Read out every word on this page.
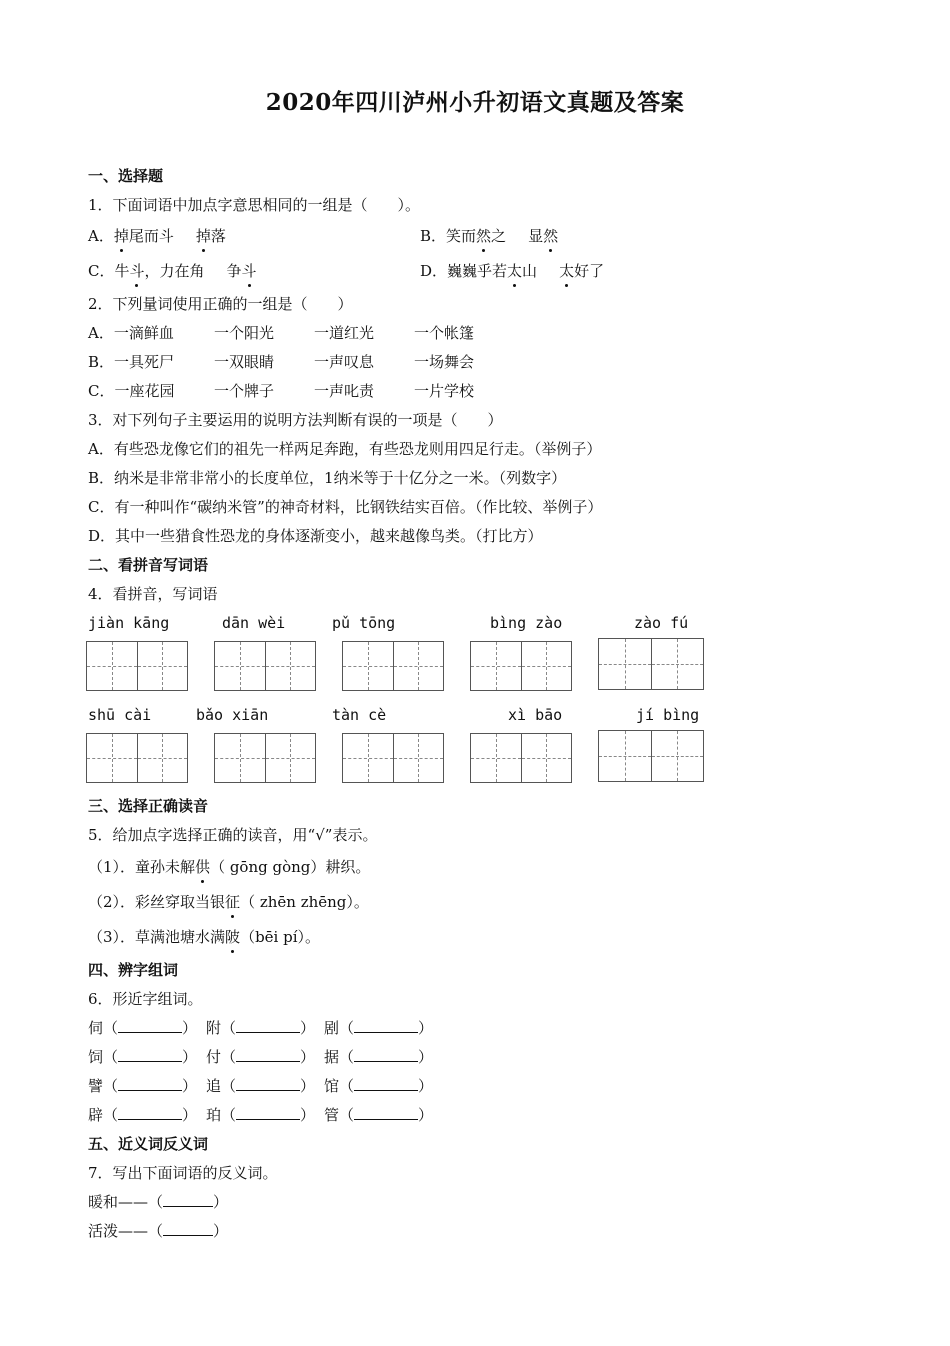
2020年四川泸州小升初语文真题及答案
一、选择题
1．下面词语中加点字意思相同的一组是（　　）。
A．掉尾而斗 掉落	B．笑而然之 显然
C．牛斗，力在角 争斗	D．巍巍乎若太山 太好了
2．下列量词使用正确的一组是（　　）
A．一滴鲜血	一个阳光	一道红光	一个帐篷
B．一具死尸	一双眼睛	一声叹息	一场舞会
C．一座花园	一个牌子	一声叱责	一片学校
3．对下列句子主要运用的说明方法判断有误的一项是（　　）
A．有些恐龙像它们的祖先一样两足奔跑，有些恐龙则用四足行走。（举例子）
B．纳米是非常非常小的长度单位，1纳米等于十亿分之一米。（列数字）
C．有一种叫作“碳纳米管”的神奇材料，比钢铁结实百倍。（作比较、举例子）
D．其中一些猎食性恐龙的身体逐渐变小，越来越像鸟类。（打比方）
二、看拼音写词语
4．看拼音，写词语
jiàn kāng	dān wèi	pǔ tōng	bìng zào	zào fú
shū cài	bǎo xiān	tàn cè	xì bāo	jí bìng
三、选择正确读音
5．给加点字选择正确的读音，用“√”表示。
（1）．童孙未解供（ gōng gòng）耕织。
（2）．彩丝穿取当银征（ zhēn zhēng）。
（3）．草满池塘水满陂（bēi pí）。
四、辨字组词
6．形近字组词。
伺（	） 附（	） 剧（	）
饲（	） 付（	） 据（	）
譬（	） 追（	） 馆（	）
辟（	） 珀（	） 管（	）
五、近义词反义词
7．写出下面词语的反义词。
暖和——（	）
活泼——（	）
